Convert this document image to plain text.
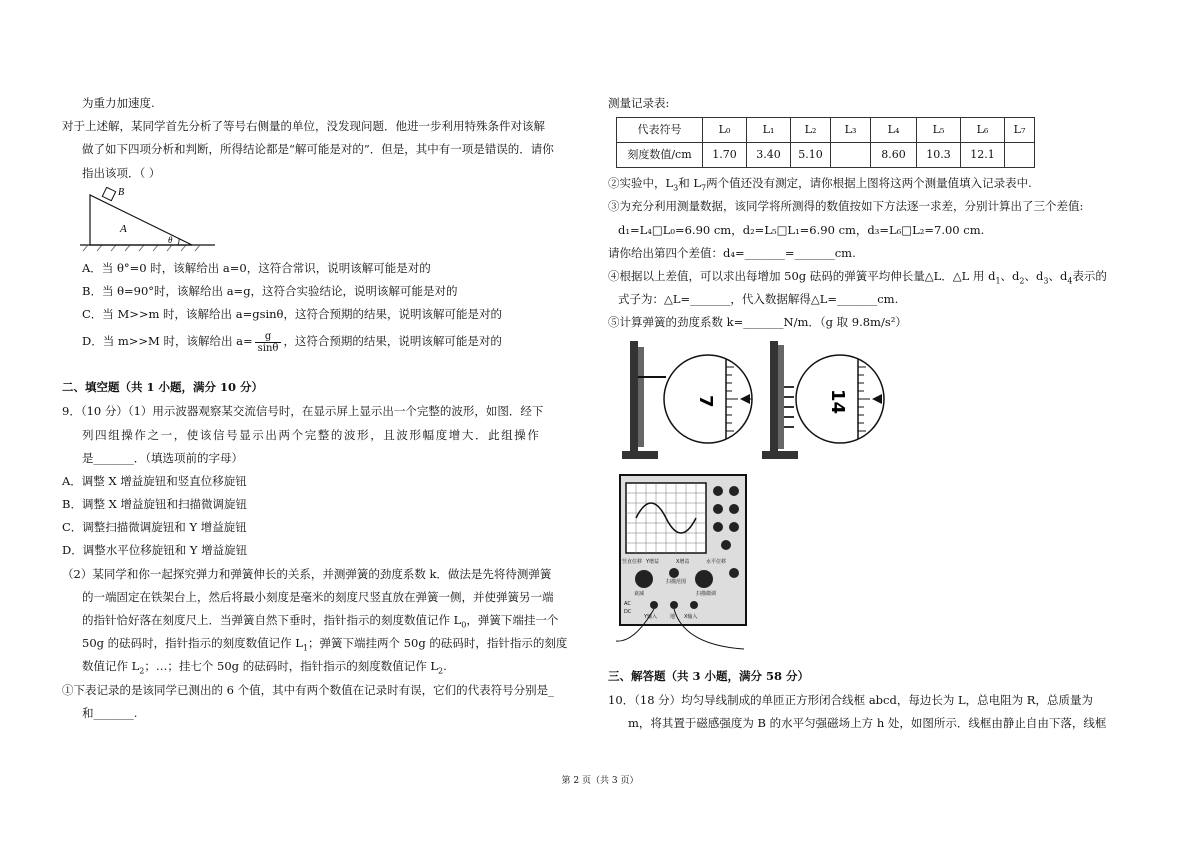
为重力加速度.
对于上述解，某同学首先分析了等号右侧量的单位，没发现问题．他进一步利用特殊条件对该解
做了如下四项分析和判断，所得结论都是“解可能是对的”．但是，其中有一项是错误的．请你
指出该项．（ ）
B
A
θ
A．当 θ°=0 时，该解给出 a=0，这符合常识，说明该解可能是对的
B．当 θ=90°时，该解给出 a=g，这符合实验结论，说明该解可能是对的
C．当 M>>m 时，该解给出 a=gsinθ，这符合预期的结果，说明该解可能是对的
D．当 m>>M 时，该解给出 $a= \frac{g}{\sin\theta}$ ，这符合预期的结果，说明该解可能是对的
二、填空题（共 1 小题，满分 10 分）
9．（10 分）（1）用示波器观察某交流信号时，在显示屏上显示出一个完整的波形，如图．经下
列四组操作之一，使该信号显示出两个完整的波形，且波形幅度增大．此组操作
是_______．（填选项前的字母）
A．调整 X 增益旋钮和竖直位移旋钮
B．调整 X 增益旋钮和扫描微调旋钮
C．调整扫描微调旋钮和 Y 增益旋钮
D．调整水平位移旋钮和 Y 增益旋钮
（2）某同学和你一起探究弹力和弹簧伸长的关系，并测弹簧的劲度系数 k．做法是先将待测弹簧
的一端固定在铁架台上，然后将最小刻度是毫米的刻度尺竖直放在弹簧一侧，并使弹簧另一端
的指针恰好落在刻度尺上．当弹簧自然下垂时，指针指示的刻度数值记作 $L_0$，弹簧下端挂一个
50g 的砝码时，指针指示的刻度数值记作 $L_1$；弹簧下端挂两个 50g 的砝码时，指针指示的刻度
数值记作 $L_2$；…；挂七个 50g 的砝码时，指针指示的刻度数值记作 $L_2$.
①下表记录的是该同学已测出的 6 个值，其中有两个数值在记录时有误，它们的代表符号分别是_
和_______.
测量记录表:
代表符号	L₀	L₁	L₂	L₃	L₄	L₅	L₆	L₇
刻度数值/cm	1.70	3.40	5.10		8.60	10.3	12.1	
②实验中，$L_3$和 $L_7$两个值还没有测定，请你根据上图将这两个测量值填入记录表中.
③为充分利用测量数据，该同学将所测得的数值按如下方法逐一求差，分别计算出了三个差值:
d₁=L₄□L₀=6.90 cm，d₂=L₅□L₁=6.90 cm，d₃=L₆□L₂=7.00 cm.
请你给出第四个差值：d₄=_______=_______cm.
④根据以上差值，可以求出每增加 50g 砝码的弹簧平均伸长量△L．△L 用 $d_1$、$d_2$、$d_3$、$d_4$表示的
式子为：△L=_______，代入数据解得△L=_______cm.
⑤计算弹簧的劲度系数 k=_______N/m．（g 取 9.8m/s²）
7	14
竖直位移 Y增益	X增益	水平位移
衰减
扫描范围
扫描微调
Y输入	地 X输入
AC
DC
三、解答题（共 3 小题，满分 58 分）
10．（18 分）均匀导线制成的单匝正方形闭合线框 abcd，每边长为 L，总电阻为 R，总质量为
m，将其置于磁感强度为 B 的水平匀强磁场上方 h 处，如图所示．线框由静止自由下落，线框
第 2 页（共 3 页）
